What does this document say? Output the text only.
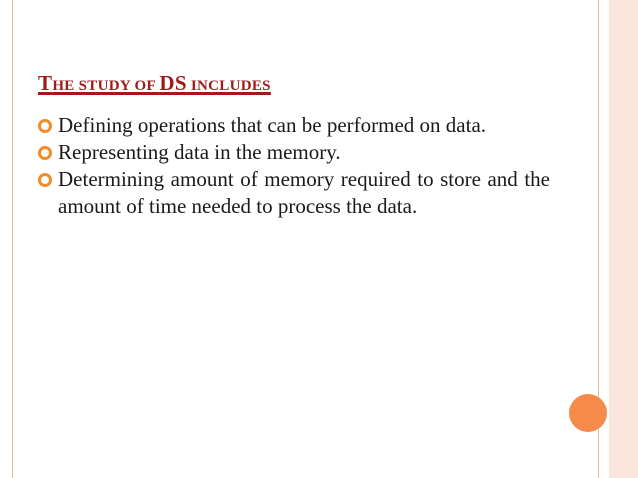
THE STUDY OF DS INCLUDES
Defining operations that can be performed on data.
Representing data in the memory.
Determining amount of memory required to store and the amount of time needed to process the data.
